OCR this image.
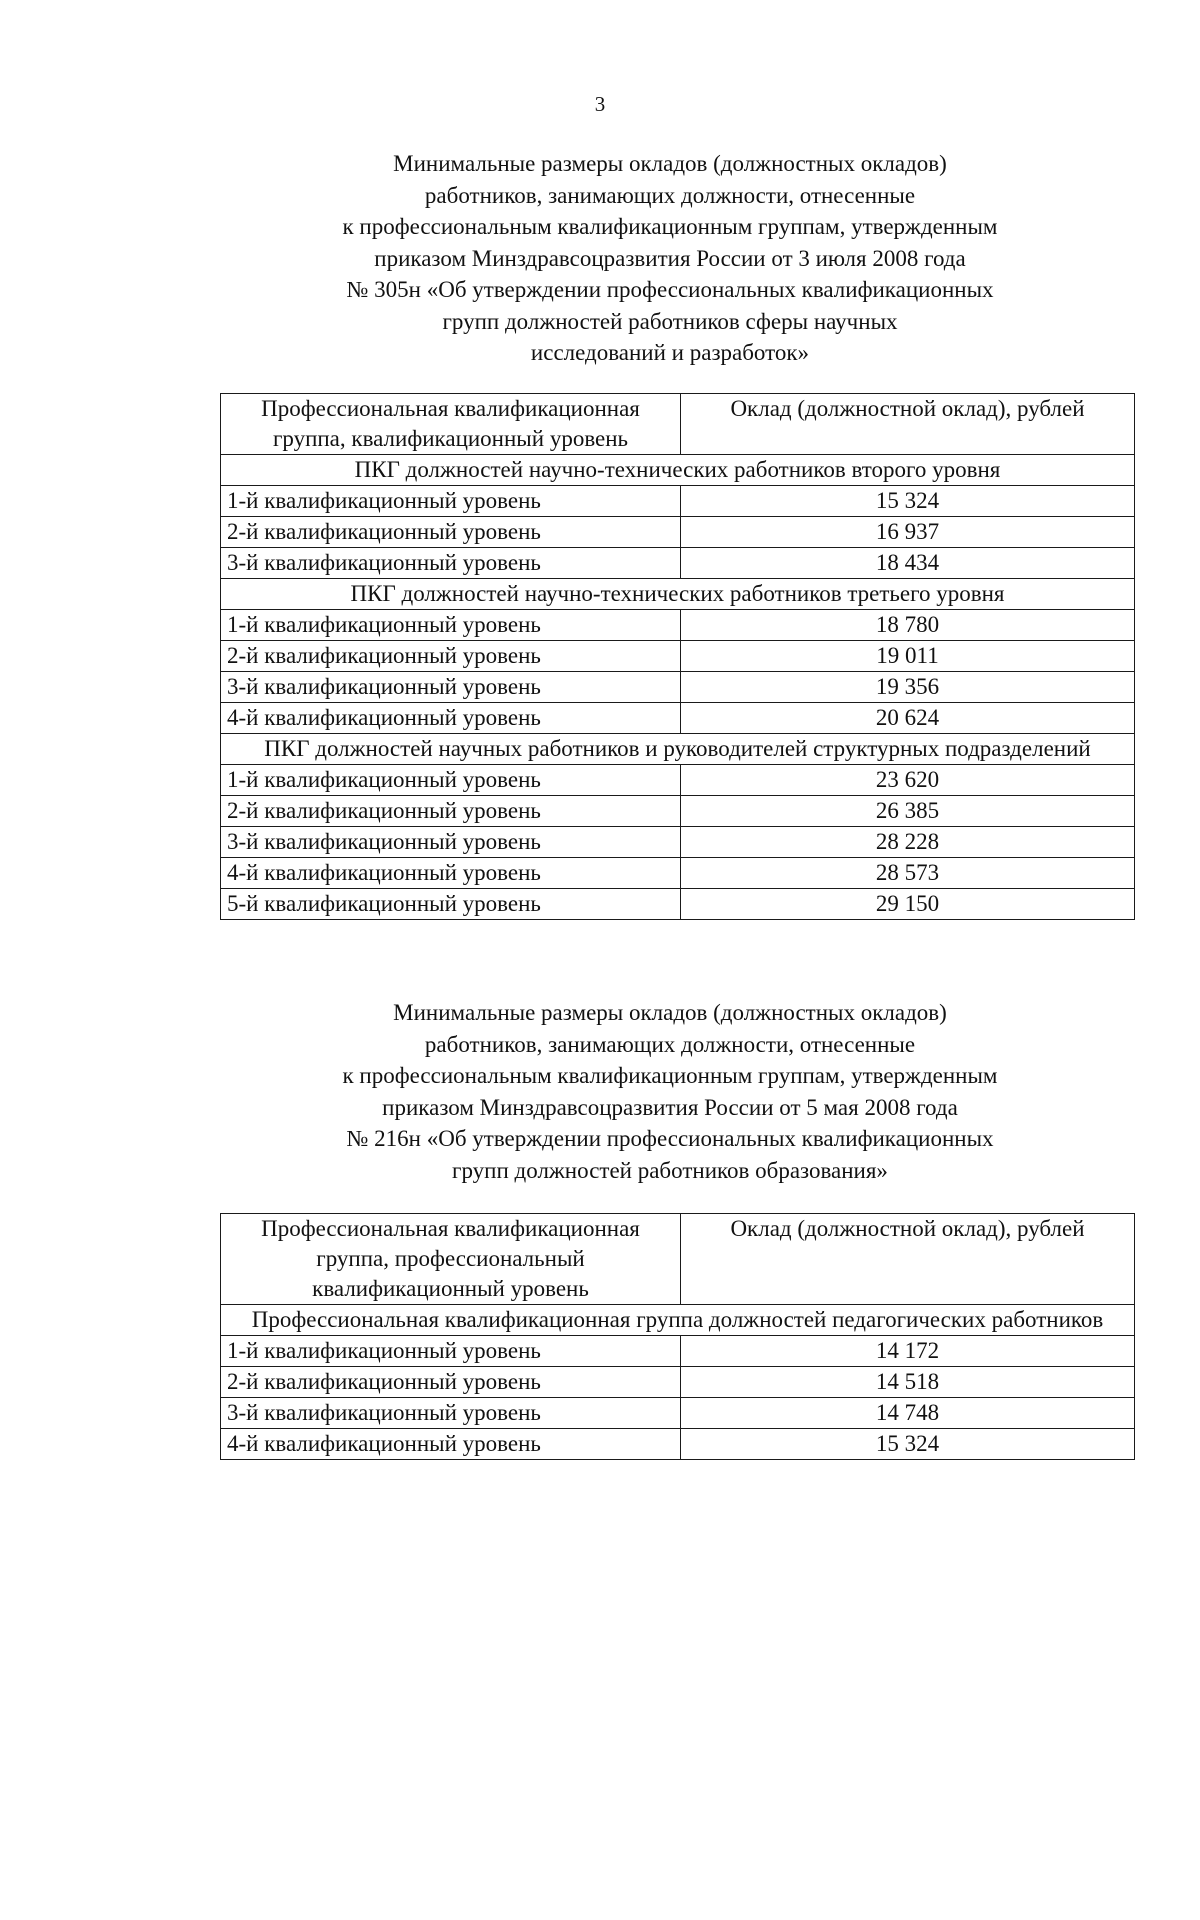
3
Минимальные размеры окладов (должностных окладов)
работников, занимающих должности, отнесенные
к профессиональным квалификационным группам, утвержденным
приказом Минздравсоцразвития России от 3 июля 2008 года
№ 305н «Об утверждении профессиональных квалификационных
групп должностей работников сферы научных
исследований и разработок»
Профессиональная квалификационная группа, квалификационный уровень	Оклад (должностной оклад), рублей
ПКГ должностей научно-технических работников второго уровня	
1-й квалификационный уровень	15 324
2-й квалификационный уровень	16 937
3-й квалификационный уровень	18 434
ПКГ должностей научно-технических работников третьего уровня	
1-й квалификационный уровень	18 780
2-й квалификационный уровень	19 011
3-й квалификационный уровень	19 356
4-й квалификационный уровень	20 624
ПКГ должностей научных работников и руководителей структурных подразделений	
1-й квалификационный уровень	23 620
2-й квалификационный уровень	26 385
3-й квалификационный уровень	28 228
4-й квалификационный уровень	28 573
5-й квалификационный уровень	29 150
Минимальные размеры окладов (должностных окладов)
работников, занимающих должности, отнесенные
к профессиональным квалификационным группам, утвержденным
приказом Минздравсоцразвития России от 5 мая 2008 года
№ 216н «Об утверждении профессиональных квалификационных
групп должностей работников образования»
Профессиональная квалификационная группа, профессиональный квалификационный уровень	Оклад (должностной оклад), рублей
Профессиональная квалификационная группа должностей педагогических работников	
1-й квалификационный уровень	14 172
2-й квалификационный уровень	14 518
3-й квалификационный уровень	14 748
4-й квалификационный уровень	15 324
